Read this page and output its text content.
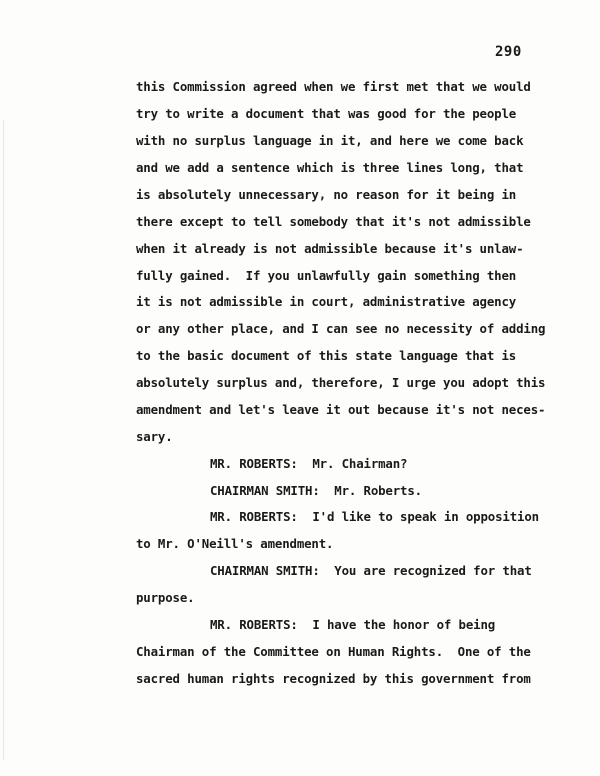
290
this Commission agreed when we first met that we would
try to write a document that was good for the people
with no surplus language in it, and here we come back
and we add a sentence which is three lines long, that
is absolutely unnecessary, no reason for it being in
there except to tell somebody that it's not admissible
when it already is not admissible because it's unlaw-
fully gained.  If you unlawfully gain something then
it is not admissible in court, administrative agency
or any other place, and I can see no necessity of adding
to the basic document of this state language that is
absolutely surplus and, therefore, I urge you adopt this
amendment and let's leave it out because it's not neces-
sary.
MR. ROBERTS:  Mr. Chairman?
CHAIRMAN SMITH:  Mr. Roberts.
MR. ROBERTS:  I'd like to speak in opposition
to Mr. O'Neill's amendment.
CHAIRMAN SMITH:  You are recognized for that
purpose.
MR. ROBERTS:  I have the honor of being
Chairman of the Committee on Human Rights.  One of the
sacred human rights recognized by this government from
